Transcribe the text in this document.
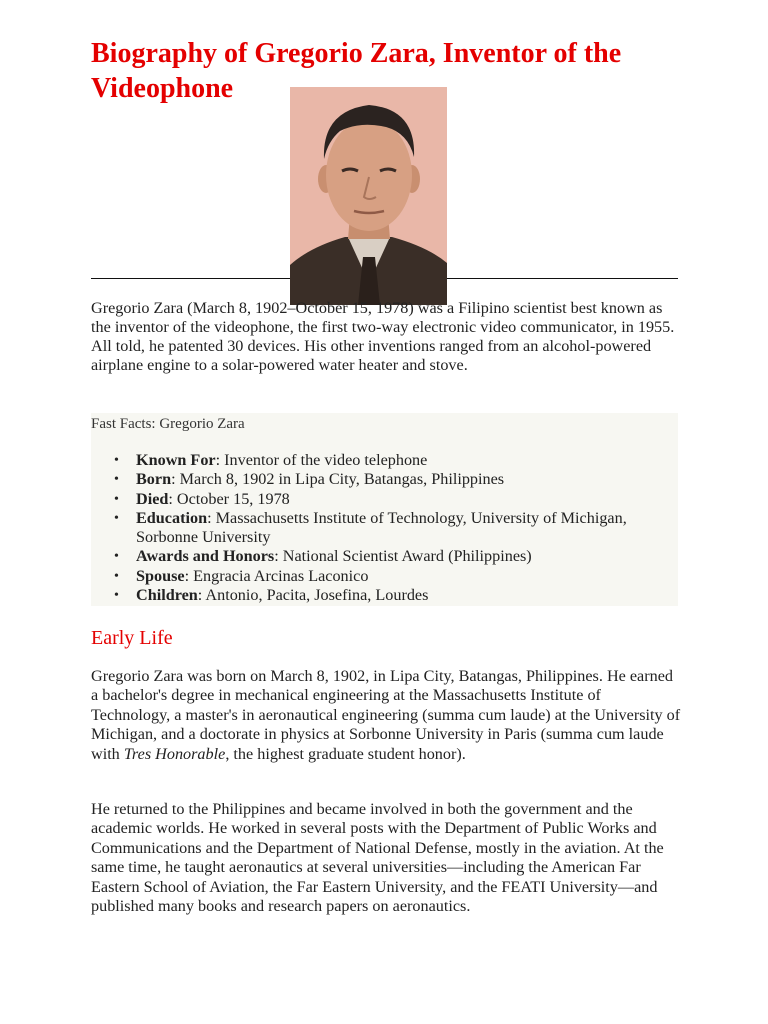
Biography of Gregorio Zara, Inventor of the Videophone

Gregorio Zara (March 8, 1902–October 15, 1978) was a Filipino scientist best known as the inventor of the videophone, the first two-way electronic video communicator, in 1955. All told, he patented 30 devices. His other inventions ranged from an alcohol-powered airplane engine to a solar-powered water heater and stove.

Fast Facts: Gregorio Zara

• Known For: Inventor of the video telephone
• Born: March 8, 1902 in Lipa City, Batangas, Philippines
• Died: October 15, 1978
• Education: Massachusetts Institute of Technology, University of Michigan, Sorbonne University
• Awards and Honors: National Scientist Award (Philippines)
• Spouse: Engracia Arcinas Laconico
• Children: Antonio, Pacita, Josefina, Lourdes
Early Life

Gregorio Zara was born on March 8, 1902, in Lipa City, Batangas, Philippines. He earned a bachelor's degree in mechanical engineering at the Massachusetts Institute of Technology, a master's in aeronautical engineering (summa cum laude) at the University of Michigan, and a doctorate in physics at Sorbonne University in Paris (summa cum laude with Tres Honorable, the highest graduate student honor).

He returned to the Philippines and became involved in both the government and the academic worlds. He worked in several posts with the Department of Public Works and Communications and the Department of National Defense, mostly in the aviation. At the same time, he taught aeronautics at several universities—including the American Far Eastern School of Aviation, the Far Eastern University, and the FEATI University—and published many books and research papers on aeronautics.
